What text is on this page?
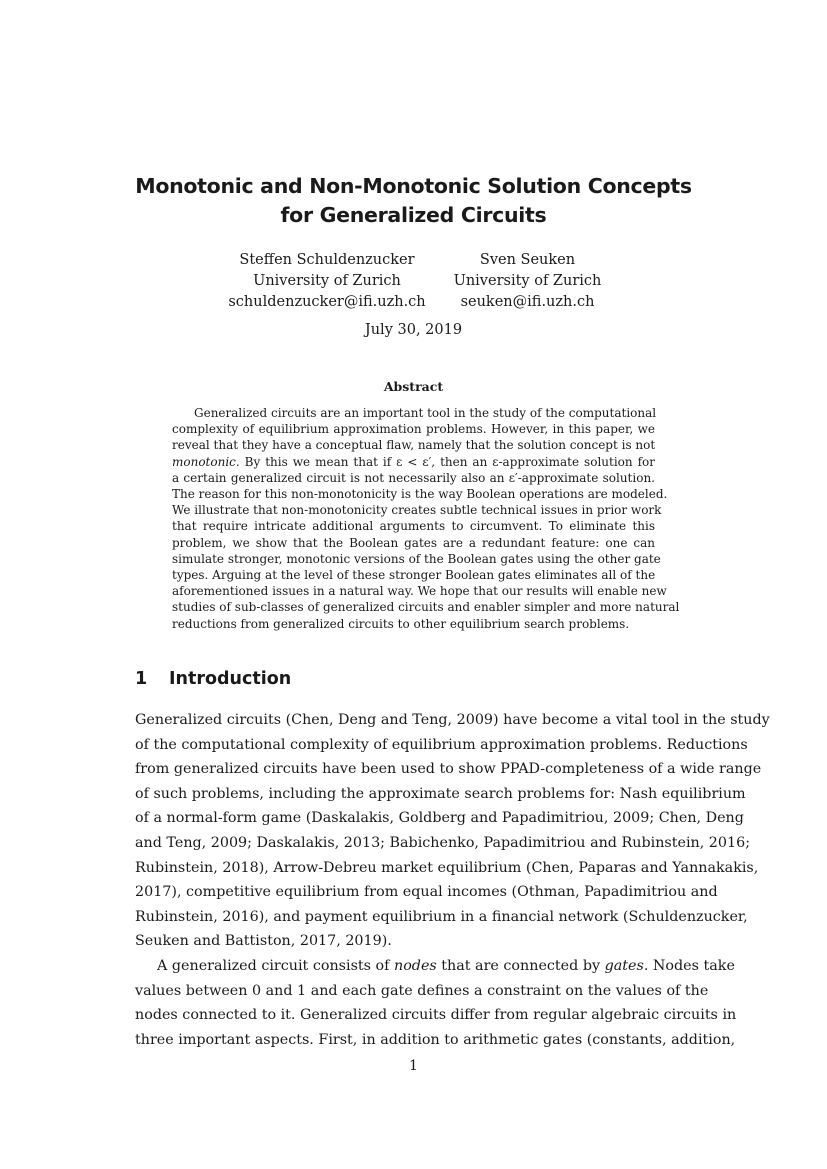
Monotonic and Non-Monotonic Solution Concepts
for Generalized Circuits
Steffen Schuldenzucker
University of Zurich
schuldenzucker@ifi.uzh.ch
Sven Seuken
University of Zurich
seuken@ifi.uzh.ch
July 30, 2019
Abstract
Generalized circuits are an important tool in the study of the computational
complexity of equilibrium approximation problems. However, in this paper, we
reveal that they have a conceptual flaw, namely that the solution concept is not
monotonic. By this we mean that if ε < ε′, then an ε-approximate solution for
a certain generalized circuit is not necessarily also an ε′-approximate solution.
The reason for this non-monotonicity is the way Boolean operations are modeled.
We illustrate that non-monotonicity creates subtle technical issues in prior work
that require intricate additional arguments to circumvent. To eliminate this
problem, we show that the Boolean gates are a redundant feature: one can
simulate stronger, monotonic versions of the Boolean gates using the other gate
types. Arguing at the level of these stronger Boolean gates eliminates all of the
aforementioned issues in a natural way. We hope that our results will enable new
studies of sub-classes of generalized circuits and enabler simpler and more natural
reductions from generalized circuits to other equilibrium search problems.
1 Introduction
Generalized circuits (Chen, Deng and Teng, 2009) have become a vital tool in the study
of the computational complexity of equilibrium approximation problems. Reductions
from generalized circuits have been used to show PPAD-completeness of a wide range
of such problems, including the approximate search problems for: Nash equilibrium
of a normal-form game (Daskalakis, Goldberg and Papadimitriou, 2009; Chen, Deng
and Teng, 2009; Daskalakis, 2013; Babichenko, Papadimitriou and Rubinstein, 2016;
Rubinstein, 2018), Arrow-Debreu market equilibrium (Chen, Paparas and Yannakakis,
2017), competitive equilibrium from equal incomes (Othman, Papadimitriou and
Rubinstein, 2016), and payment equilibrium in a financial network (Schuldenzucker,
Seuken and Battiston, 2017, 2019).
A generalized circuit consists of nodes that are connected by gates. Nodes take
values between 0 and 1 and each gate defines a constraint on the values of the
nodes connected to it. Generalized circuits differ from regular algebraic circuits in
three important aspects. First, in addition to arithmetic gates (constants, addition,
1
